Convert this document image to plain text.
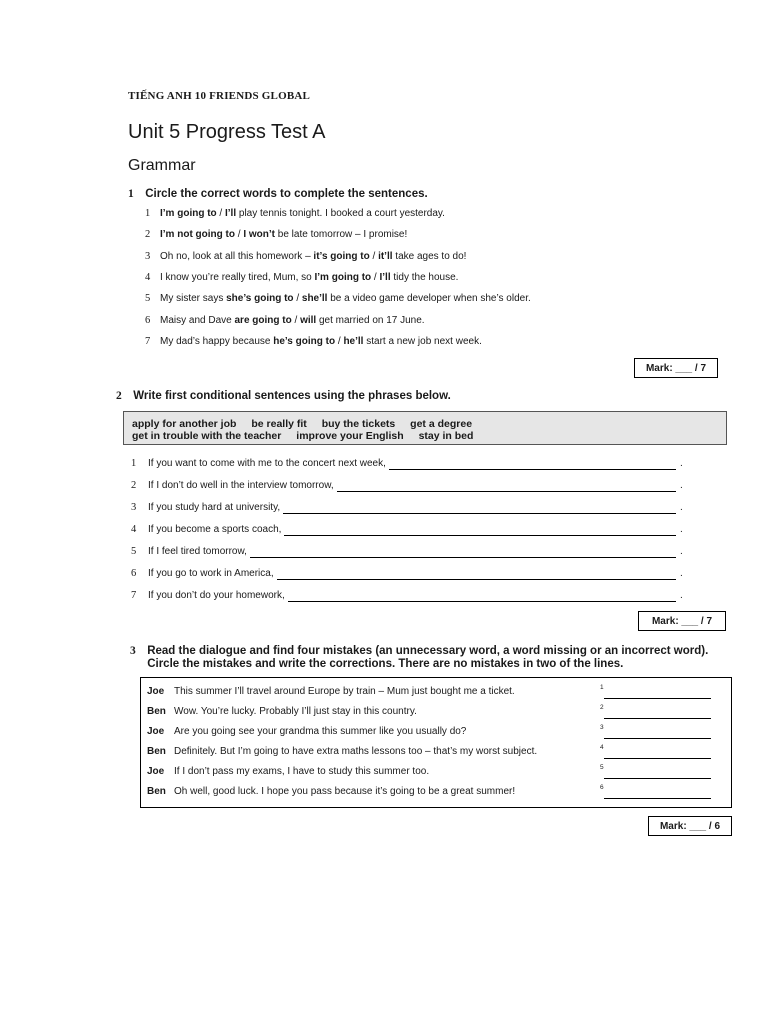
TIẾNG ANH 10 FRIENDS GLOBAL
Unit 5 Progress Test A
Grammar
1 Circle the correct words to complete the sentences.
1 I’m going to / I’ll play tennis tonight. I booked a court yesterday.
2 I’m not going to / I won’t be late tomorrow – I promise!
3 Oh no, look at all this homework – it’s going to / it’ll take ages to do!
4 I know you’re really tired, Mum, so I’m going to / I’ll tidy the house.
5 My sister says she’s going to / she’ll be a video game developer when she’s older.
6 Maisy and Dave are going to / will get married on 17 June.
7 My dad’s happy because he’s going to / he’ll start a new job next week.
Mark: ___ / 7
2 Write first conditional sentences using the phrases below.
apply for another job be really fit buy the tickets get a degree
get in trouble with the teacher improve your English stay in bed
1	If you want to come with me to the concert next week,	.
2	If I don’t do well in the interview tomorrow,	.
3	If you study hard at university,	.
4	If you become a sports coach,	.
5	If I feel tired tomorrow,	.
6	If you go to work in America,	.
7	If you don’t do your homework,	.
Mark: ___ / 7
3 Read the dialogue and find four mistakes (an unnecessary word, a word missing or an incorrect word).
Circle the mistakes and write the corrections. There are no mistakes in two of the lines.
Joe This summer I’ll travel around Europe by train – Mum just bought me a ticket.	1
Ben Wow. You’re lucky. Probably I’ll just stay in this country.	2
Joe Are you going see your grandma this summer like you usually do?	3
Ben Definitely. But I’m going to have extra maths lessons too – that’s my worst subject.	4
Joe If I don’t pass my exams, I have to study this summer too.	5
Ben Oh well, good luck. I hope you pass because it’s going to be a great summer!	6
Mark: ___ / 6
